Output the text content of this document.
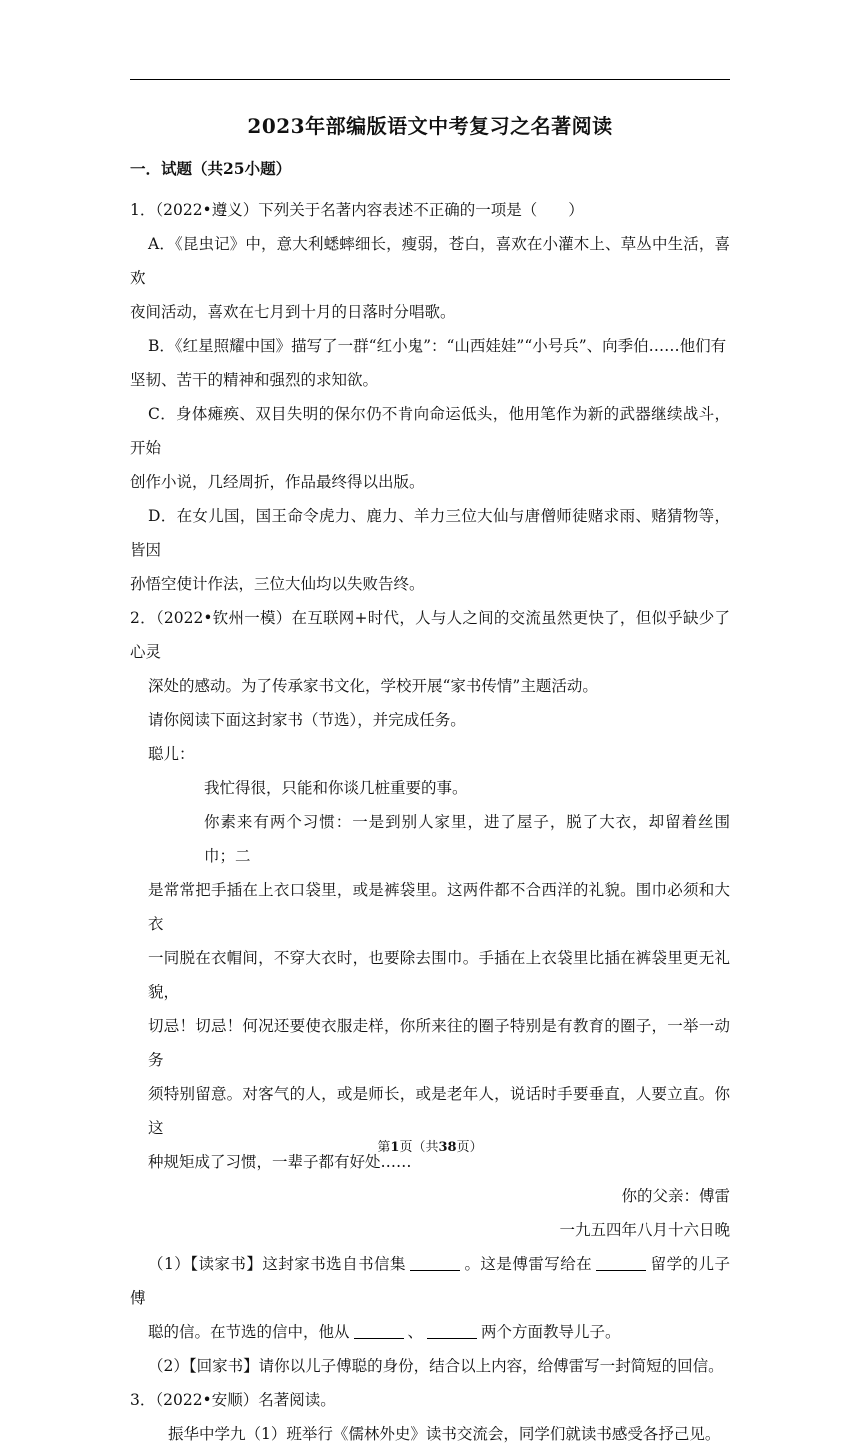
2023年部编版语文中考复习之名著阅读
一．试题（共25小题）

1．（2022•遵义）下列关于名著内容表述不正确的一项是（　　）

A．《昆虫记》中，意大利蟋蟀细长，瘦弱，苍白，喜欢在小灌木上、草丛中生活，喜欢

夜间活动，喜欢在七月到十月的日落时分唱歌。

B．《红星照耀中国》描写了一群“红小鬼”：“山西娃娃”“小号兵”、向季伯……他们有

坚韧、苦干的精神和强烈的求知欲。

C．身体瘫痪、双目失明的保尔仍不肯向命运低头，他用笔作为新的武器继续战斗，开始

创作小说，几经周折，作品最终得以出版。

D．在女儿国，国王命令虎力、鹿力、羊力三位大仙与唐僧师徒赌求雨、赌猜物等，皆因

孙悟空使计作法，三位大仙均以失败告终。

2．（2022•钦州一模）在互联网+时代，人与人之间的交流虽然更快了，但似乎缺少了心灵

深处的感动。为了传承家书文化，学校开展“家书传情”主题活动。

请你阅读下面这封家书（节选），并完成任务。

聪儿：

我忙得很，只能和你谈几桩重要的事。

你素来有两个习惯：一是到别人家里，进了屋子，脱了大衣，却留着丝围巾；二

是常常把手插在上衣口袋里，或是裤袋里。这两件都不合西洋的礼貌。围巾必须和大衣

一同脱在衣帽间，不穿大衣时，也要除去围巾。手插在上衣袋里比插在裤袋里更无礼貌，

切忌！切忌！何况还要使衣服走样，你所来往的圈子特别是有教育的圈子，一举一动务

须特别留意。对客气的人，或是师长，或是老年人，说话时手要垂直，人要立直。你这

种规矩成了习惯，一辈子都有好处……

你的父亲：傅雷

一九五四年八月十六日晚

（1）【读家书】这封家书选自书信集	。这是傅雷写给在	留学的儿子傅

聪的信。在节选的信中，他从	、	两个方面教导儿子。

（2）【回家书】请你以儿子傅聪的身份，结合以上内容，给傅雷写一封简短的回信。

3．（2022•安顺）名著阅读。

振华中学九（1）班举行《儒林外史》读书交流会，同学们就读书感受各抒己见。

第1页（共38页）
